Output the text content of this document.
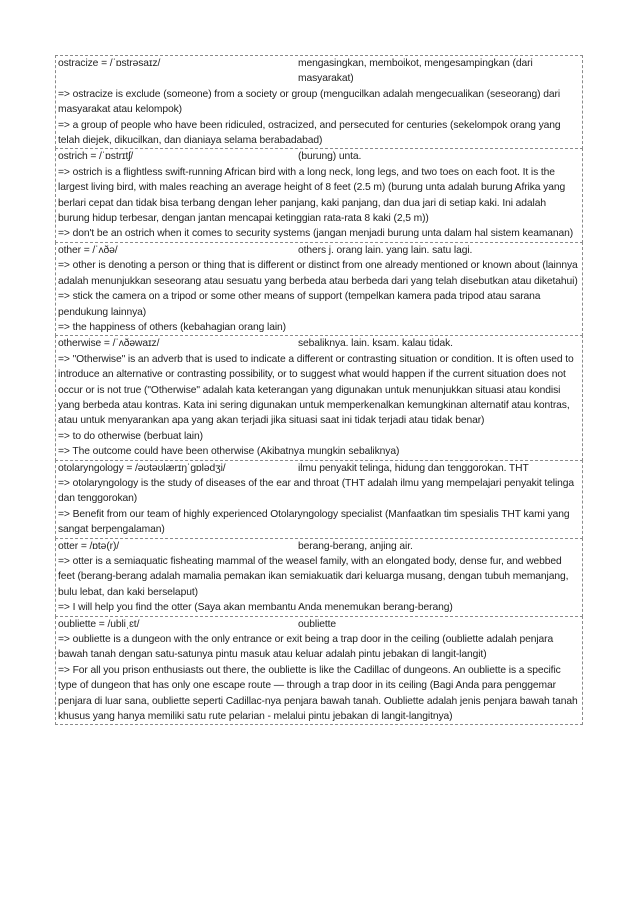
ostracize = /ˈɒstrəsaɪz/	mengasingkan, memboikot, mengesampingkan (dari masyarakat)
=> ostracize is exclude (someone) from a society or group (mengucilkan adalah mengecualikan (seseorang) dari masyarakat atau kelompok)
=> a group of people who have been ridiculed, ostracized, and persecuted for centuries (sekelompok orang yang telah diejek, dikucilkan, dan dianiaya selama berabadabad)
ostrich = /ˈɒstrɪtʃ/	(burung) unta.
=> ostrich is a flightless swift-running African bird with a long neck, long legs, and two toes on each foot. It is the largest living bird, with males reaching an average height of 8 feet (2.5 m) (burung unta adalah burung Afrika yang berlari cepat dan tidak bisa terbang dengan leher panjang, kaki panjang, dan dua jari di setiap kaki. Ini adalah burung hidup terbesar, dengan jantan mencapai ketinggian rata-rata 8 kaki (2,5 m))
=> don't be an ostrich when it comes to security systems (jangan menjadi burung unta dalam hal sistem keamanan)
other = /ˈʌðə/	others j. orang lain. yang lain. satu lagi.
=> other is denoting a person or thing that is different or distinct from one already mentioned or known about (lainnya adalah menunjukkan seseorang atau sesuatu yang berbeda atau berbeda dari yang telah disebutkan atau diketahui)
=> stick the camera on a tripod or some other means of support (tempelkan kamera pada tripod atau sarana pendukung lainnya)
=> the happiness of others (kebahagian orang lain)
otherwise = /ˈʌðəwaɪz/	sebaliknya. lain. ksam. kalau tidak.
=> "Otherwise" is an adverb that is used to indicate a different or contrasting situation or condition. It is often used to introduce an alternative or contrasting possibility, or to suggest what would happen if the current situation does not occur or is not true ("Otherwise" adalah kata keterangan yang digunakan untuk menunjukkan situasi atau kondisi yang berbeda atau kontras. Kata ini sering digunakan untuk memperkenalkan kemungkinan alternatif atau kontras, atau untuk menyarankan apa yang akan terjadi jika situasi saat ini tidak terjadi atau tidak benar)
=> to do otherwise (berbuat lain)
=> The outcome could have been otherwise (Akibatnya mungkin sebaliknya)
otolaryngology = /əʊtəʊlærɪŋˈɡɒlədʒi/	ilmu penyakit telinga, hidung dan tenggorokan. THT
=> otolaryngology is the study of diseases of the ear and throat (THT adalah ilmu yang mempelajari penyakit telinga dan tenggorokan)
=> Benefit from our team of highly experienced Otolaryngology specialist (Manfaatkan tim spesialis THT kami yang sangat berpengalaman)
otter = /ɒtə(r)/	berang-berang, anjing air.
=> otter is a semiaquatic fisheating mammal of the weasel family, with an elongated body, dense fur, and webbed feet (berang-berang adalah mamalia pemakan ikan semiakuatik dari keluarga musang, dengan tubuh memanjang, bulu lebat, dan kaki berselaput)
=> I will help you find the otter (Saya akan membantu Anda menemukan berang-berang)
oubliette = /ubliˌɛt/	oubliette
=> oubliette is a dungeon with the only entrance or exit being a trap door in the ceiling (oubliette adalah penjara bawah tanah dengan satu-satunya pintu masuk atau keluar adalah pintu jebakan di langit-langit)
=> For all you prison enthusiasts out there, the oubliette is like the Cadillac of dungeons. An oubliette is a specific type of dungeon that has only one escape route — through a trap door in its ceiling (Bagi Anda para penggemar penjara di luar sana, oubliette seperti Cadillac-nya penjara bawah tanah. Oubliette adalah jenis penjara bawah tanah khusus yang hanya memiliki satu rute pelarian - melalui pintu jebakan di langit-langitnya)
